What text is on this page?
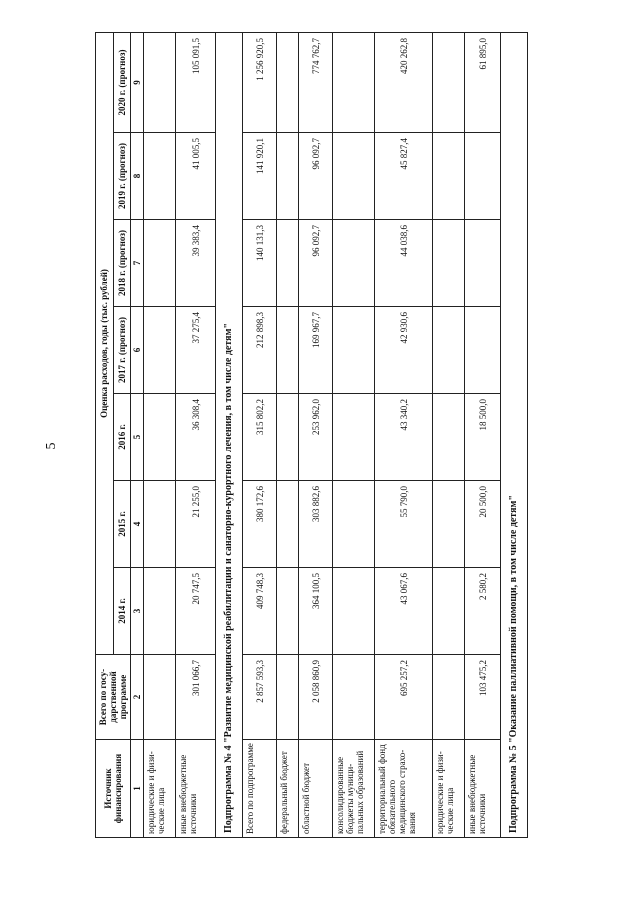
5
Источник финансирования	Всего по государственной программе	Оценка расходов, годы (тыс. рублей)						
		2014 г.	2015 г.	2016 г.	2017 г. (прогноз)	2018 г. (прогноз)	2019 г. (прогноз)	2020 г. (прогноз)
1	2	3	4	5	6	7	8	9
юридические и физические лица								
иные внебюджетные источники	301 066,7	20 747,5	21 255,0	36 308,4	37 275,4	39 383,4	41 005,5	105 091,5
Подпрограмма № 4 "Развитие медицинской реабилитации и санаторно-курортного лечения, в том числе детям"								
Всего по подпрограмме	2 857 593,3	409 748,3	380 172,6	315 802,2	212 898,3	140 131,3	141 920,1	1 256 920,5
федеральный бюджет								
областной бюджет	2 058 860,9	364 100,5	303 882,6	253 962,0	169 967,7	96 092,7	96 092,7	774 762,7
консолидированные бюджеты муниципальных образований								
территориальный фонд обязательного медицинского страхования	695 257,2	43 067,6	55 790,0	43 340,2	42 930,6	44 038,6	45 827,4	420 262,8
юридические и физические лица								
иные внебюджетные источники	103 475,2	2 580,2	20 500,0	18 500,0				61 895,0
Подпрограмма № 5 "Оказание паллиативной помощи, в том числе детям"								
